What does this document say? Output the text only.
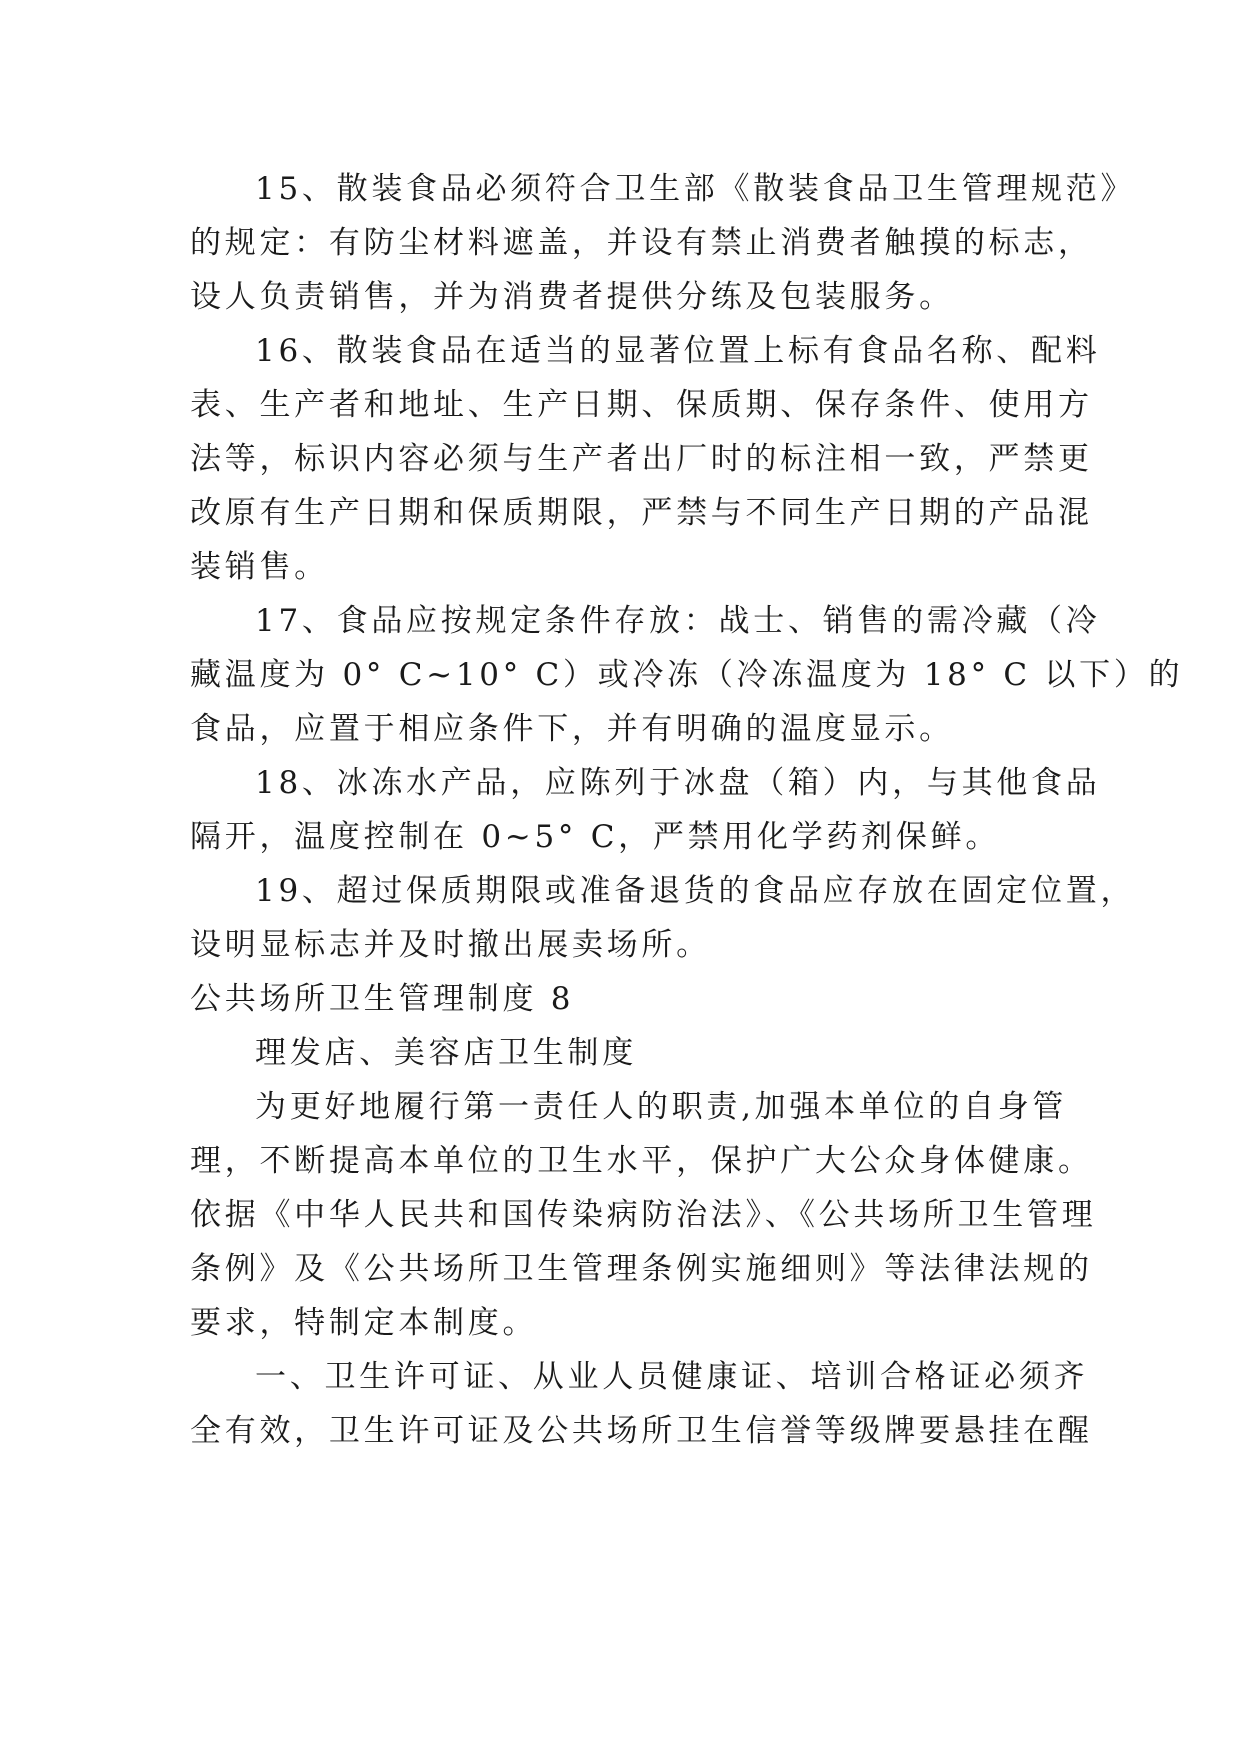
15、散装食品必须符合卫生部《散装食品卫生管理规范》
的规定：有防尘材料遮盖，并设有禁止消费者触摸的标志，
设人负责销售，并为消费者提供分练及包装服务。
16、散装食品在适当的显著位置上标有食品名称、配料
表、生产者和地址、生产日期、保质期、保存条件、使用方
法等，标识内容必须与生产者出厂时的标注相一致，严禁更
改原有生产日期和保质期限，严禁与不同生产日期的产品混
装销售。
17、食品应按规定条件存放：战士、销售的需冷藏（冷
藏温度为 0° C~10° C）或冷冻（冷冻温度为 18° C 以下）的
食品，应置于相应条件下，并有明确的温度显示。
18、冰冻水产品，应陈列于冰盘（箱）内，与其他食品
隔开，温度控制在 0~5° C，严禁用化学药剂保鲜。
19、超过保质期限或准备退货的食品应存放在固定位置，
设明显标志并及时撤出展卖场所。
公共场所卫生管理制度 8
理发店、美容店卫生制度
为更好地履行第一责任人的职责,加强本单位的自身管
理，不断提高本单位的卫生水平，保护广大公众身体健康。
依据《中华人民共和国传染病防治法》、《公共场所卫生管理
条例》及《公共场所卫生管理条例实施细则》等法律法规的
要求，特制定本制度。
一、卫生许可证、从业人员健康证、培训合格证必须齐
全有效，卫生许可证及公共场所卫生信誉等级牌要悬挂在醒
